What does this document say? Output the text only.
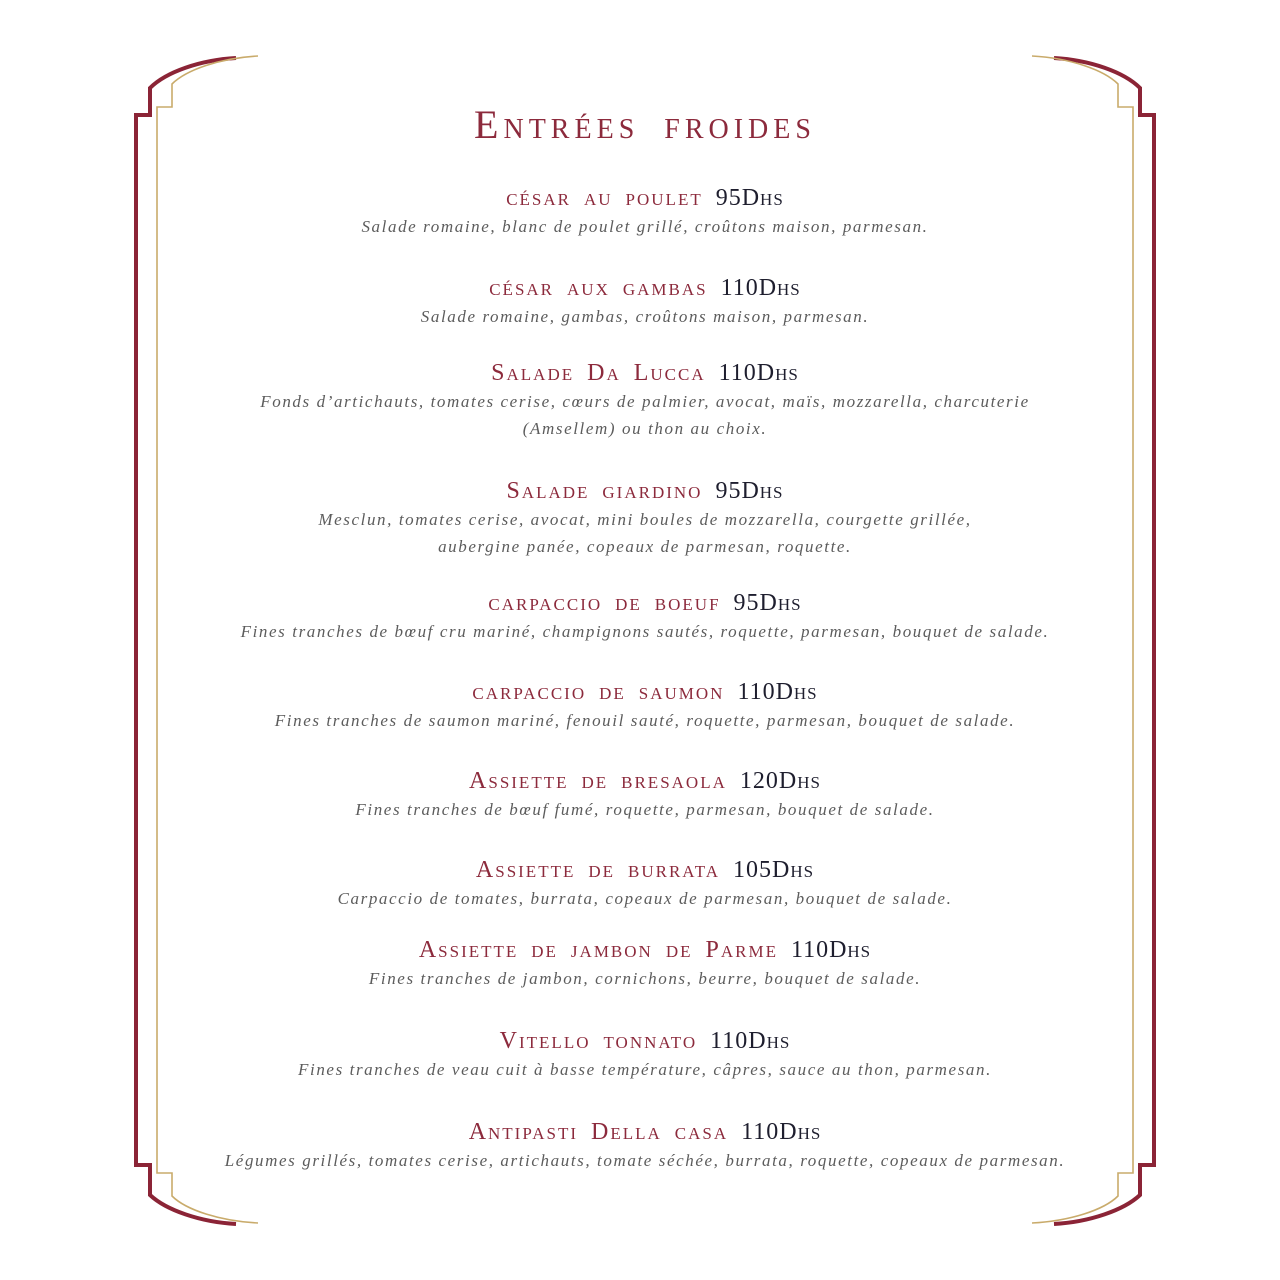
Entrées froides
césar au poulet 95Dhs
Salade romaine, blanc de poulet grillé, croûtons maison, parmesan.
césar aux gambas 110Dhs
Salade romaine, gambas, croûtons maison, parmesan.
Salade Da Lucca 110Dhs
Fonds d’artichauts, tomates cerise, cœurs de palmier, avocat, maïs, mozzarella, charcuterie
(Amsellem) ou thon au choix.
Salade giardino 95Dhs
Mesclun, tomates cerise, avocat, mini boules de mozzarella, courgette grillée,
aubergine panée, copeaux de parmesan, roquette.
carpaccio de boeuf 95Dhs
Fines tranches de bœuf cru mariné, champignons sautés, roquette, parmesan, bouquet de salade.
carpaccio de saumon 110Dhs
Fines tranches de saumon mariné, fenouil sauté, roquette, parmesan, bouquet de salade.
Assiette de bresaola 120Dhs
Fines tranches de bœuf fumé, roquette, parmesan, bouquet de salade.
Assiette de burrata 105Dhs
Carpaccio de tomates, burrata, copeaux de parmesan, bouquet de salade.
Assiette de jambon de Parme 110Dhs
Fines tranches de jambon, cornichons, beurre, bouquet de salade.
Vitello tonnato 110Dhs
Fines tranches de veau cuit à basse température, câpres, sauce au thon, parmesan.
Antipasti Della casa 110Dhs
Légumes grillés, tomates cerise, artichauts, tomate séchée, burrata, roquette, copeaux de parmesan.
